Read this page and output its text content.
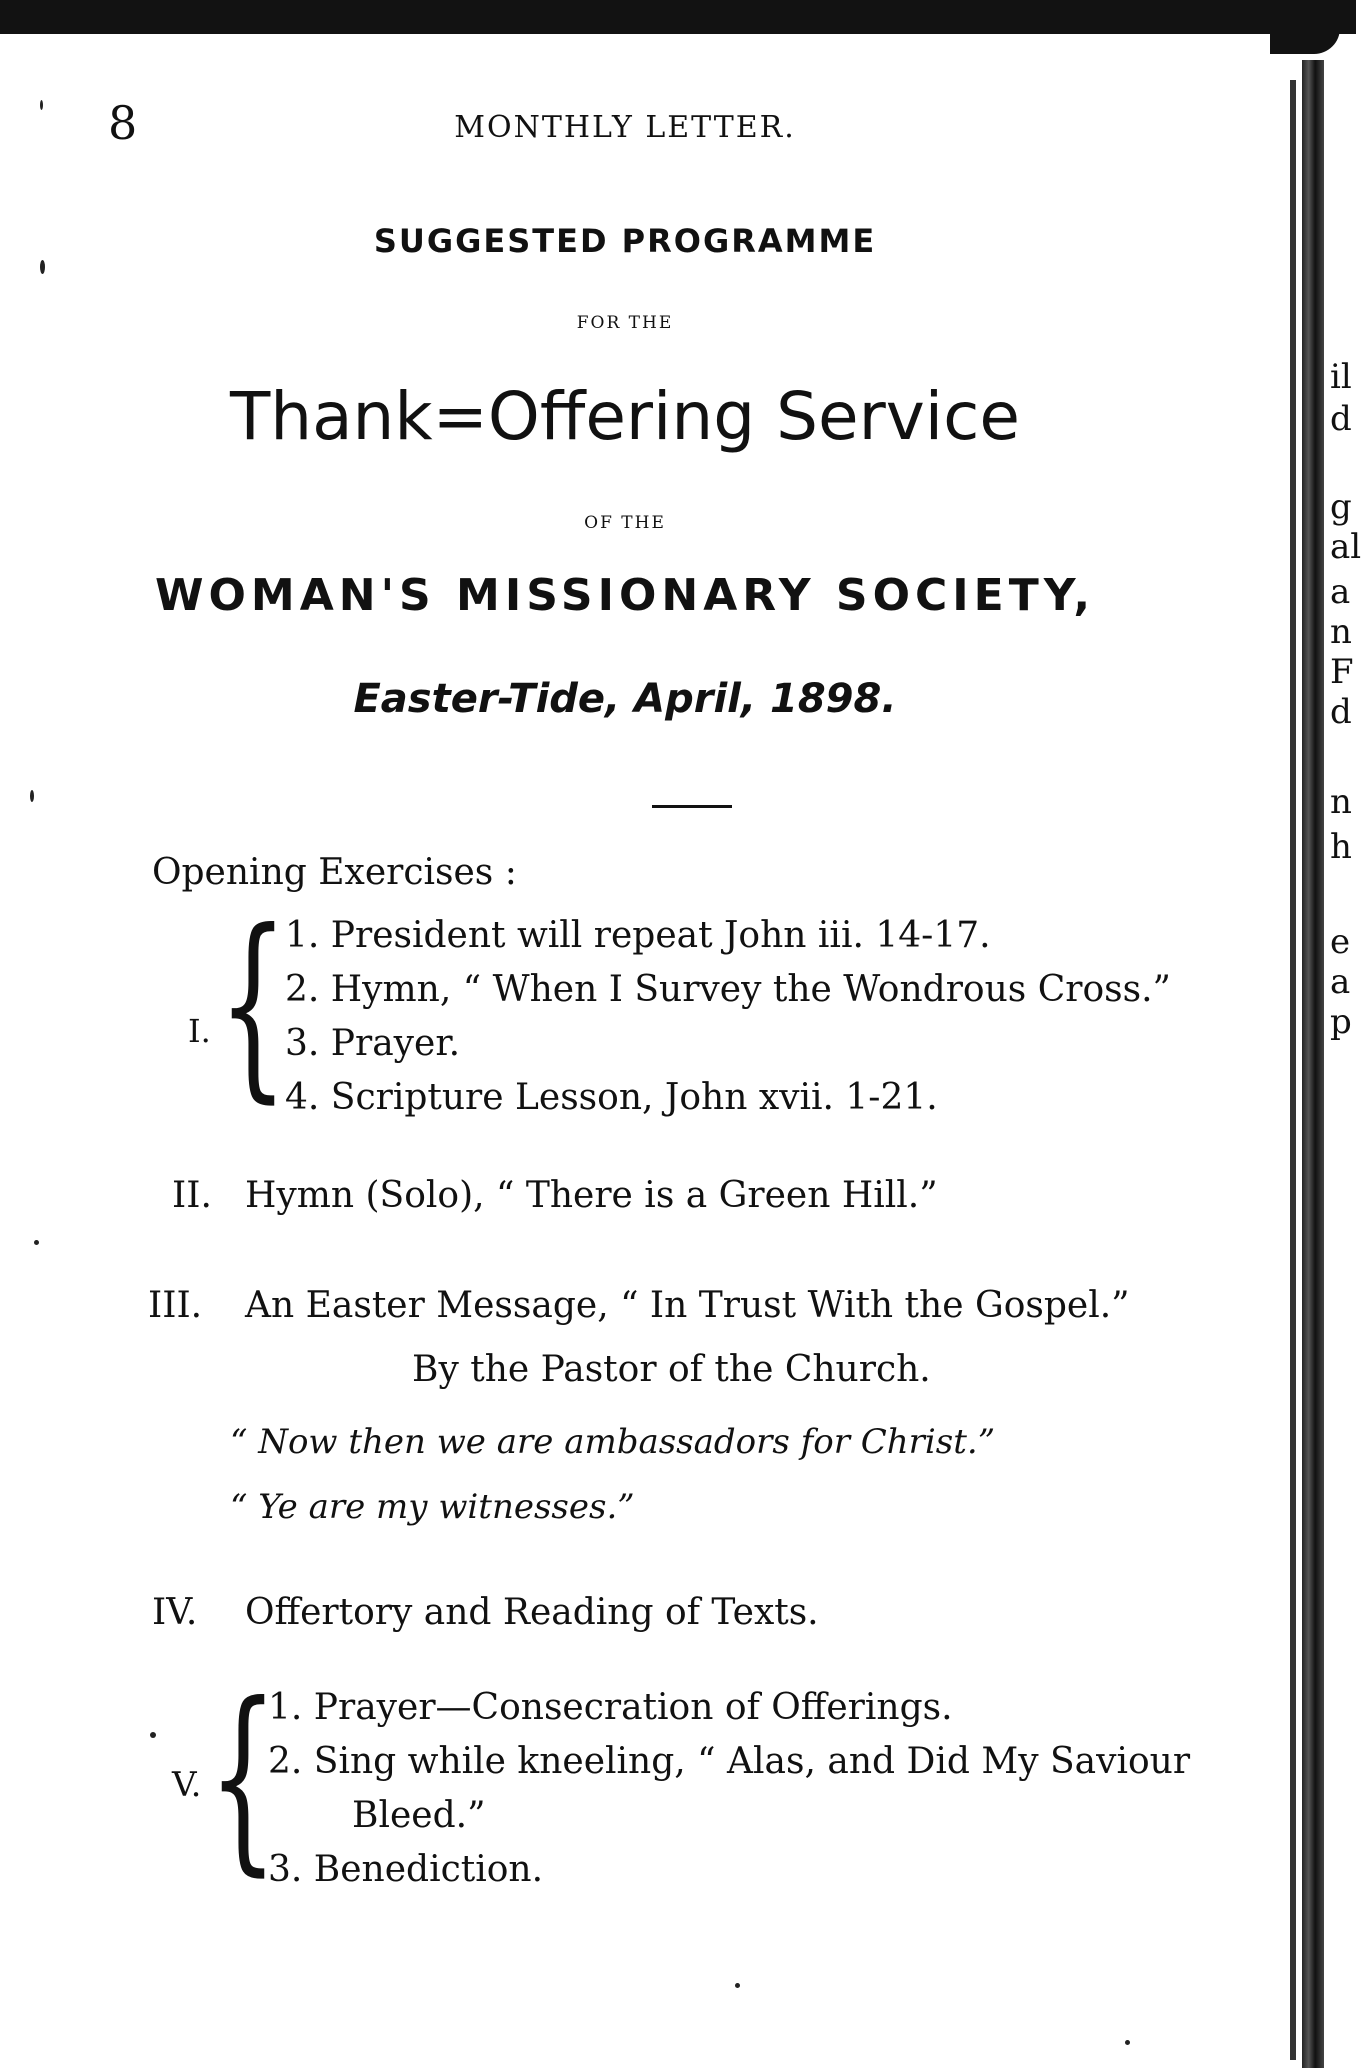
il
d
g
al
a
n
F
d
n
h
e
a
p
8	MONTHLY LETTER.
SUGGESTED PROGRAMME
FOR THE
Thank=Offering Service
OF THE
WOMAN'S MISSIONARY SOCIETY,
Easter-Tide, April, 1898.
Opening Exercises :
I. {
1. President will repeat John iii. 14-17.
2. Hymn, “ When I Survey the Wondrous Cross.”
3. Prayer.
4. Scripture Lesson, John xvii. 1-21.
II. Hymn (Solo), “ There is a Green Hill.”
III. An Easter Message, “ In Trust With the Gospel.”
By the Pastor of the Church.
“ Now then we are ambassadors for Christ.”
“ Ye are my witnesses.”
IV. Offertory and Reading of Texts.
V. {
1. Prayer—Consecration of Offerings.
2. Sing while kneeling, “ Alas, and Did My Saviour
Bleed.”
3. Benediction.
